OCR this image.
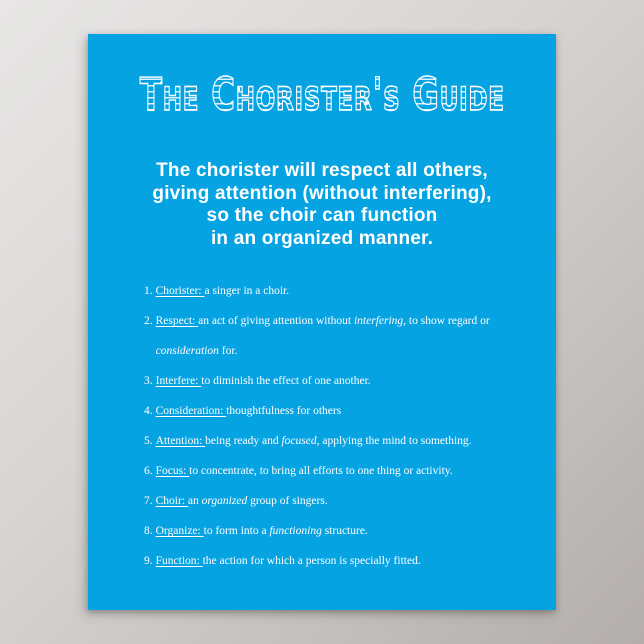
The Chorister's Guide
The chorister will respect all others,
giving attention (without interfering),
so the choir can function
in an organized manner.
1. Chorister: a singer in a choir.
2. Respect: an act of giving attention without interfering, to show regard or
consideration for.
3. Interfere: to diminish the effect of one another.
4. Consideration: thoughtfulness for others
5. Attention: being ready and focused, applying the mind to something.
6. Focus: to concentrate, to bring all efforts to one thing or activity.
7. Choir: an organized group of singers.
8. Organize: to form into a functioning structure.
9. Function: the action for which a person is specially fitted.
